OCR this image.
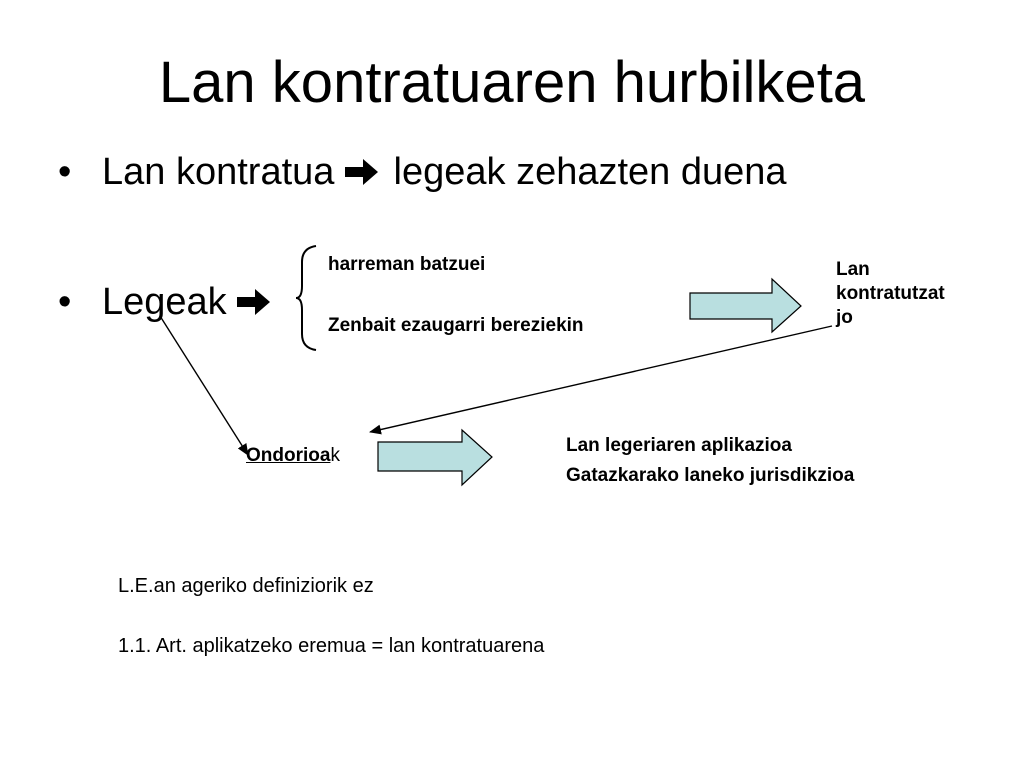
Lan kontratuaren hurbilketa
• Lan kontratua legeak zehazten duena
• Legeak
harreman batzuei
Zenbait ezaugarri bereziekin
Lan
kontratutzat
jo
Ondorioak	Lan legeriaren aplikazioa
Gatazkarako laneko jurisdikzioa
L.E.an ageriko definiziorik ez
1.1. Art. aplikatzeko eremua = lan kontratuarena
